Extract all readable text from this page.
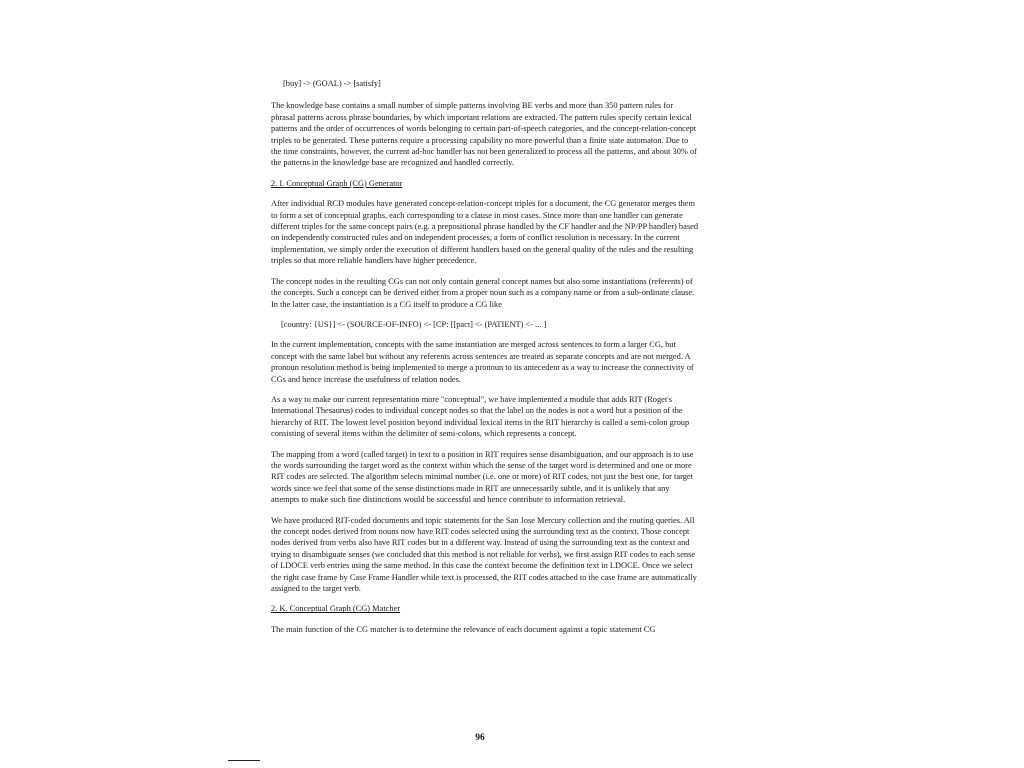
[buy] -> (GOAL) -> [satisfy]

The knowledge base contains a small number of simple patterns involving BE verbs and more than 350 pattern rules for phrasal patterns across phrase boundaries, by which important relations are extracted. The pattern rules specify certain lexical patterns and the order of occurrences of words belonging to certain part-of-speech categories, and the concept-relation-concept triples to be generated. These patterns require a processing capability no more powerful than a finite state automaton. Due to the time constraints, however, the current ad-hoc handler has not been generalized to process all the patterns, and about 30% of the patterns in the knowledge base are recognized and handled correctly.

2. I. Conceptual Graph (CG) Generator

After individual RCD modules have generated concept-relation-concept triples for a document, the CG generator merges them to form a set of conceptual graphs, each corresponding to a clause in most cases. Since more than one handler can generate different triples for the same concept pairs (e.g. a prepositional phrase handled by the CF handler and the NP/PP handler) based on independently constructed rules and on independent processes, a form of conflict resolution is necessary. In the current implementation, we simply order the execution of different handlers based on the general quality of the rules and the resulting triples so that more reliable handlers have higher precedence.

The concept nodes in the resulting CGs can not only contain general concept names but also some instantiations (referents) of the concepts. Such a concept can be derived either from a proper noun such as a company name or from a sub-ordinate clause. In the latter case, the instantiation is a CG itself to produce a CG like

[country: {US}] <- (SOURCE-OF-INFO) <- [CP: [[pact] <- (PATIENT) <- ... ]

In the current implementation, concepts with the same instantiation are merged across sentences to form a larger CG, but concept with the same label but without any referents across sentences are treated as separate concepts and are not merged. A pronoun resolution method is being implemented to merge a pronoun to its antecedent as a way to increase the connectivity of CGs and hence increase the usefulness of relation nodes.

As a way to make our current representation more "conceptual", we have implemented a module that adds RIT (Roget's International Thesaurus) codes to individual concept nodes so that the label on the nodes is not a word but a position of the hierarchy of RIT. The lowest level position beyond individual lexical items in the RIT hierarchy is called a semi-colon group consisting of several items within the delimiter of semi-colons, which represents a concept.

The mapping from a word (called target) in text to a position in RIT requires sense disambiguation, and our approach is to use the words surrounding the target word as the context within which the sense of the target word is determined and one or more RIT codes are selected. The algorithm selects minimal number (i.e. one or more) of RIT codes, not just the best one, for target words since we feel that some of the sense distinctions made in RIT are unnecessarily subtle, and it is unlikely that any attempts to make such fine distinctions would be successful and hence contribute to information retrieval.

We have produced RIT-coded documents and topic statements for the San Jose Mercury collection and the routing queries. All the concept nodes derived from nouns now have RIT codes selected using the surrounding text as the context. Those concept nodes derived from verbs also have RIT codes but in a different way. Instead of using the surrounding text as the context and trying to disambiguate senses (we concluded that this method is not reliable for verbs), we first assign RIT codes to each sense of LDOCE verb entries using the same method. In this case the context become the definition text in LDOCE. Once we select the right case frame by Case Frame Handler while text is processed, the RIT codes attached to the case frame are automatically assigned to the target verb.

2. K. Conceptual Graph (CG) Matcher

The main function of the CG matcher is to determine the relevance of each document against a topic statement CG

96
